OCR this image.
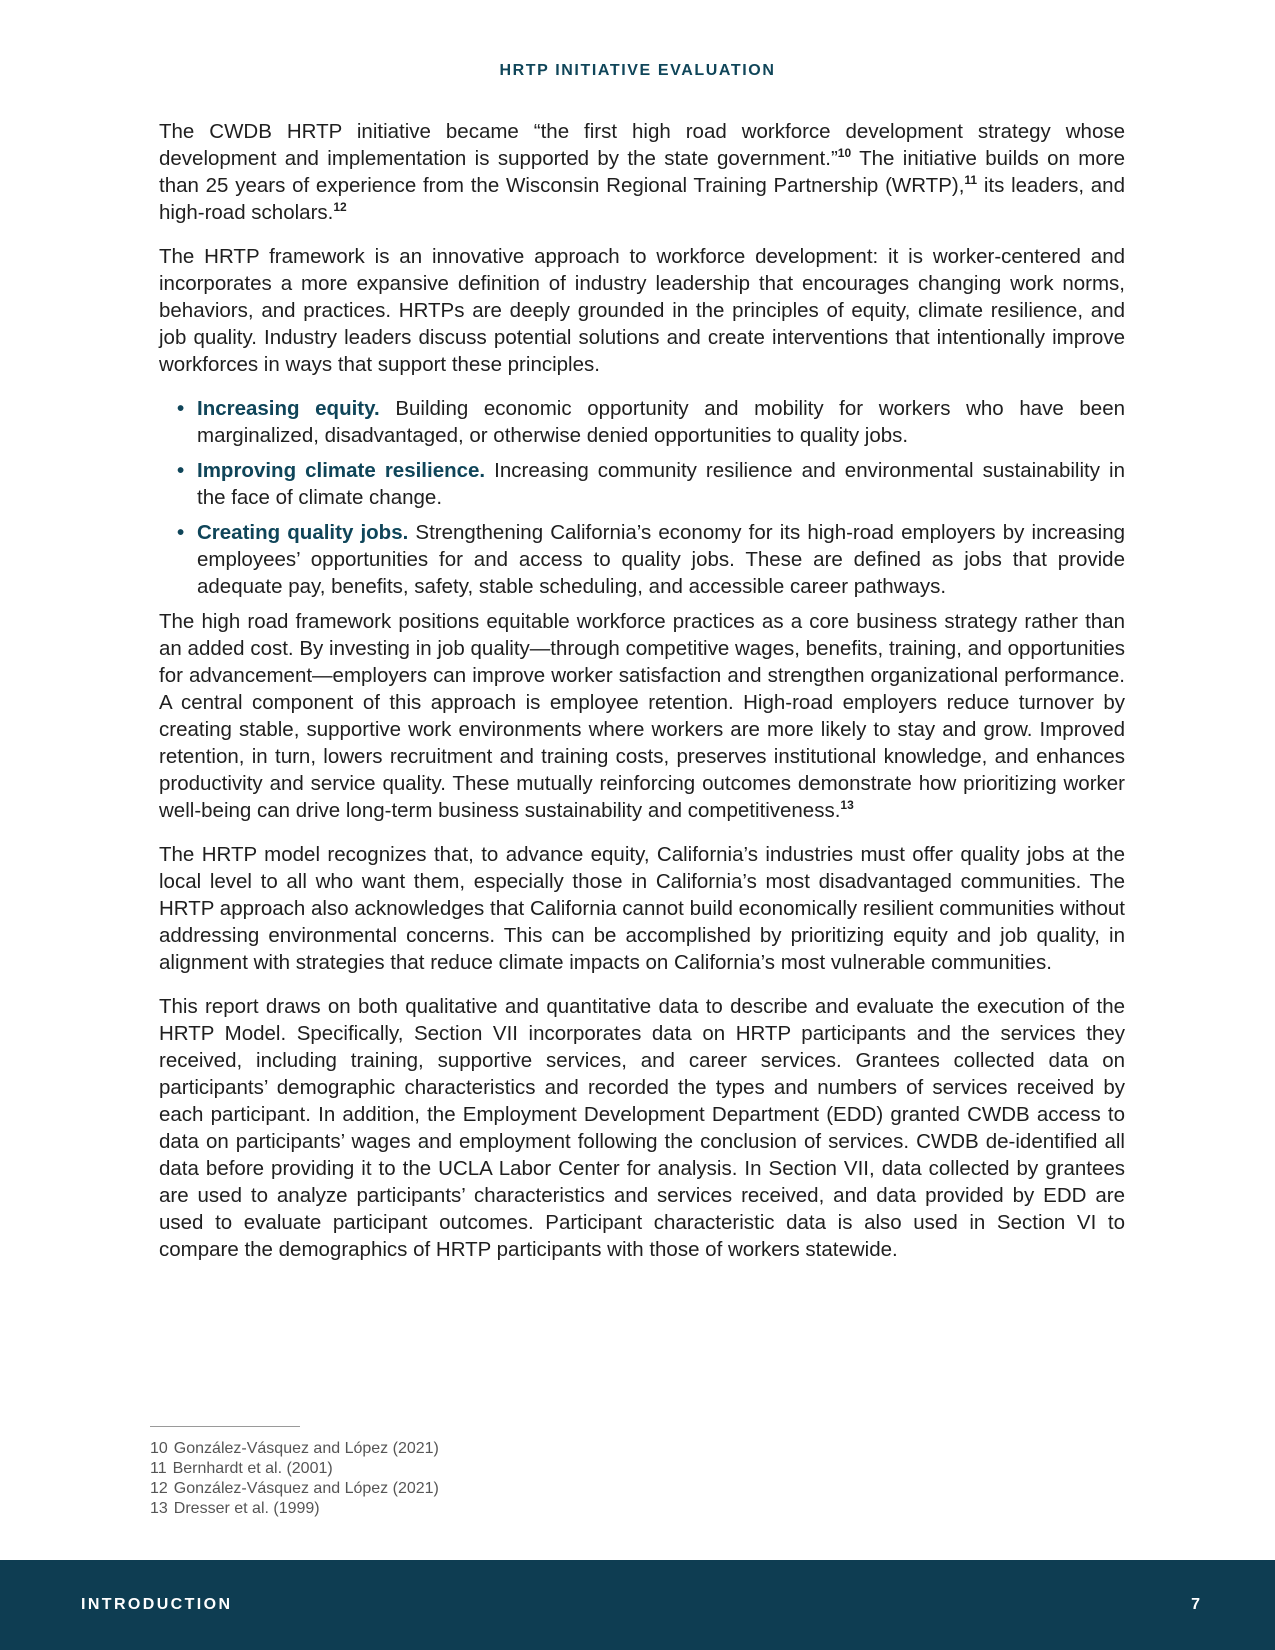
HRTP INITIATIVE EVALUATION

The CWDB HRTP initiative became “the first high road workforce development strategy whose development and implementation is supported by the state government.”$^{10}$ The initiative builds on more than 25 years of experience from the Wisconsin Regional Training Partnership (WRTP),$^{11}$ its leaders, and high-road scholars.$^{12}$

The HRTP framework is an innovative approach to workforce development: it is worker-centered and incorporates a more expansive definition of industry leadership that encourages changing work norms, behaviors, and practices. HRTPs are deeply grounded in the principles of equity, climate resilience, and job quality. Industry leaders discuss potential solutions and create interventions that intentionally improve workforces in ways that support these principles.

• Increasing equity. Building economic opportunity and mobility for workers who have been marginalized, disadvantaged, or otherwise denied opportunities to quality jobs.
• Improving climate resilience. Increasing community resilience and environmental sustainability in the face of climate change.
• Creating quality jobs. Strengthening California’s economy for its high-road employers by increasing employees’ opportunities for and access to quality jobs. These are defined as jobs that provide adequate pay, benefits, safety, stable scheduling, and accessible career pathways.

The high road framework positions equitable workforce practices as a core business strategy rather than an added cost. By investing in job quality—through competitive wages, benefits, training, and opportunities for advancement—employers can improve worker satisfaction and strengthen organizational performance. A central component of this approach is employee retention. High-road employers reduce turnover by creating stable, supportive work environments where workers are more likely to stay and grow. Improved retention, in turn, lowers recruitment and training costs, preserves institutional knowledge, and enhances productivity and service quality. These mutually reinforcing outcomes demonstrate how prioritizing worker well-being can drive long-term business sustainability and competitiveness.$^{13}$

The HRTP model recognizes that, to advance equity, California’s industries must offer quality jobs at the local level to all who want them, especially those in California’s most disadvantaged communities. The HRTP approach also acknowledges that California cannot build economically resilient communities without addressing environmental concerns. This can be accomplished by prioritizing equity and job quality, in alignment with strategies that reduce climate impacts on California’s most vulnerable communities.

This report draws on both qualitative and quantitative data to describe and evaluate the execution of the HRTP Model. Specifically, Section VII incorporates data on HRTP participants and the services they received, including training, supportive services, and career services. Grantees collected data on participants’ demographic characteristics and recorded the types and numbers of services received by each participant. In addition, the Employment Development Department (EDD) granted CWDB access to data on participants’ wages and employment following the conclusion of services. CWDB de-identified all data before providing it to the UCLA Labor Center for analysis. In Section VII, data collected by grantees are used to analyze participants’ characteristics and services received, and data provided by EDD are used to evaluate participant outcomes. Participant characteristic data is also used in Section VI to compare the demographics of HRTP participants with those of workers statewide.

10 González-Vásquez and López (2021)
11 Bernhardt et al. (2001)
12 González-Vásquez and López (2021)
13 Dresser et al. (1999)
INTRODUCTION	7
